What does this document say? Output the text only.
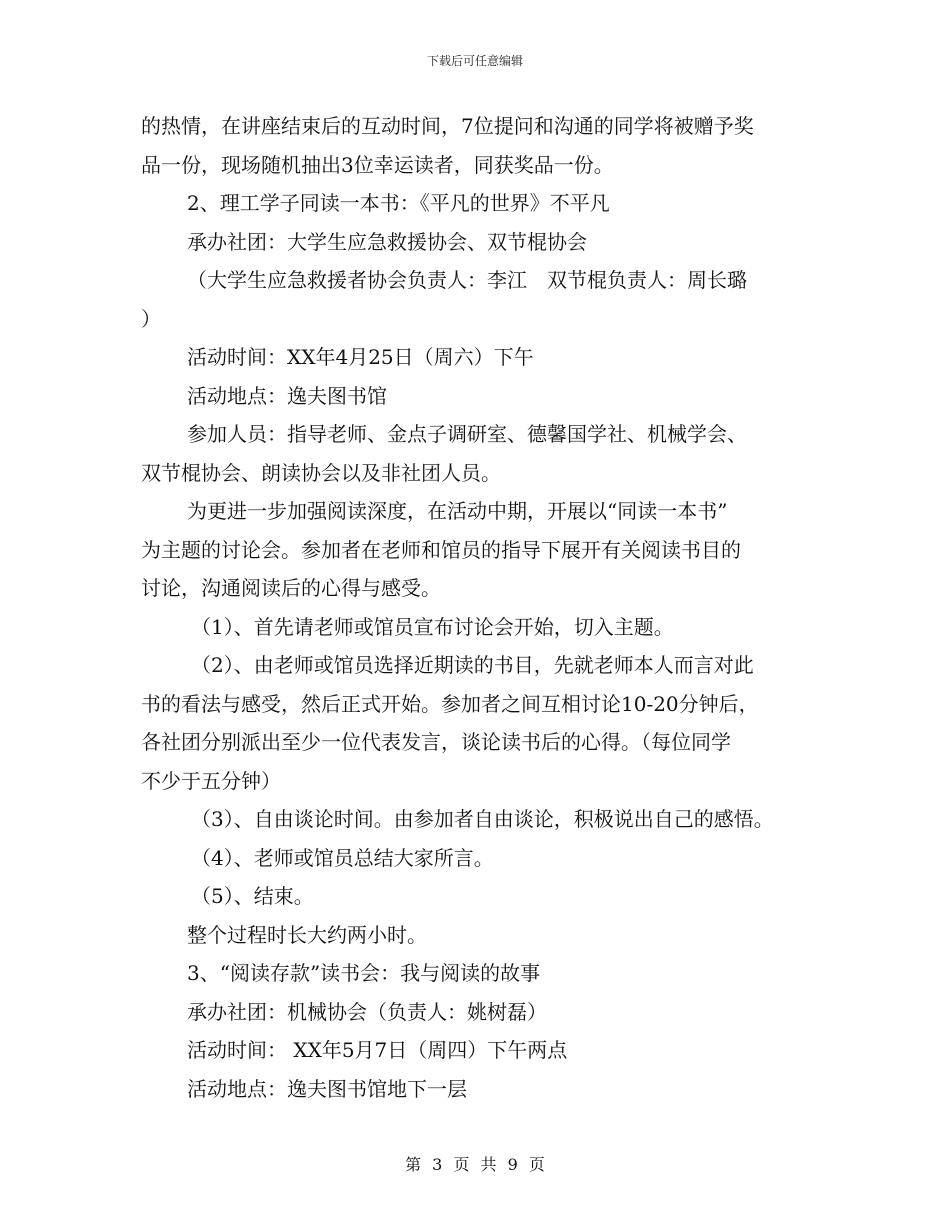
下载后可任意编辑
的热情，在讲座结束后的互动时间，7位提问和沟通的同学将被赠予奖
品一份，现场随机抽出3位幸运读者，同获奖品一份。
2、理工学子同读一本书：《平凡的世界》不平凡
承办社团：大学生应急救援协会、双节棍协会
（大学生应急救援者协会负责人：李江　双节棍负责人：周长璐
）
活动时间：XX年4月25日（周六）下午
活动地点：逸夫图书馆
参加人员：指导老师、金点子调研室、德馨国学社、机械学会、
双节棍协会、朗读协会以及非社团人员。
为更进一步加强阅读深度，在活动中期，开展以“同读一本书”
为主题的讨论会。参加者在老师和馆员的指导下展开有关阅读书目的
讨论，沟通阅读后的心得与感受。
（1）、首先请老师或馆员宣布讨论会开始，切入主题。
（2）、由老师或馆员选择近期读的书目，先就老师本人而言对此
书的看法与感受，然后正式开始。参加者之间互相讨论10-20分钟后，
各社团分别派出至少一位代表发言，谈论读书后的心得。（每位同学
不少于五分钟）
（3）、自由谈论时间。由参加者自由谈论，积极说出自己的感悟。
（4）、老师或馆员总结大家所言。
（5）、结束。
整个过程时长大约两小时。
3、“阅读存款”读书会：我与阅读的故事
承办社团：机械协会（负责人：姚树磊）
活动时间： XX年5月7日（周四）下午两点
活动地点：逸夫图书馆地下一层
第 3 页 共 9 页
